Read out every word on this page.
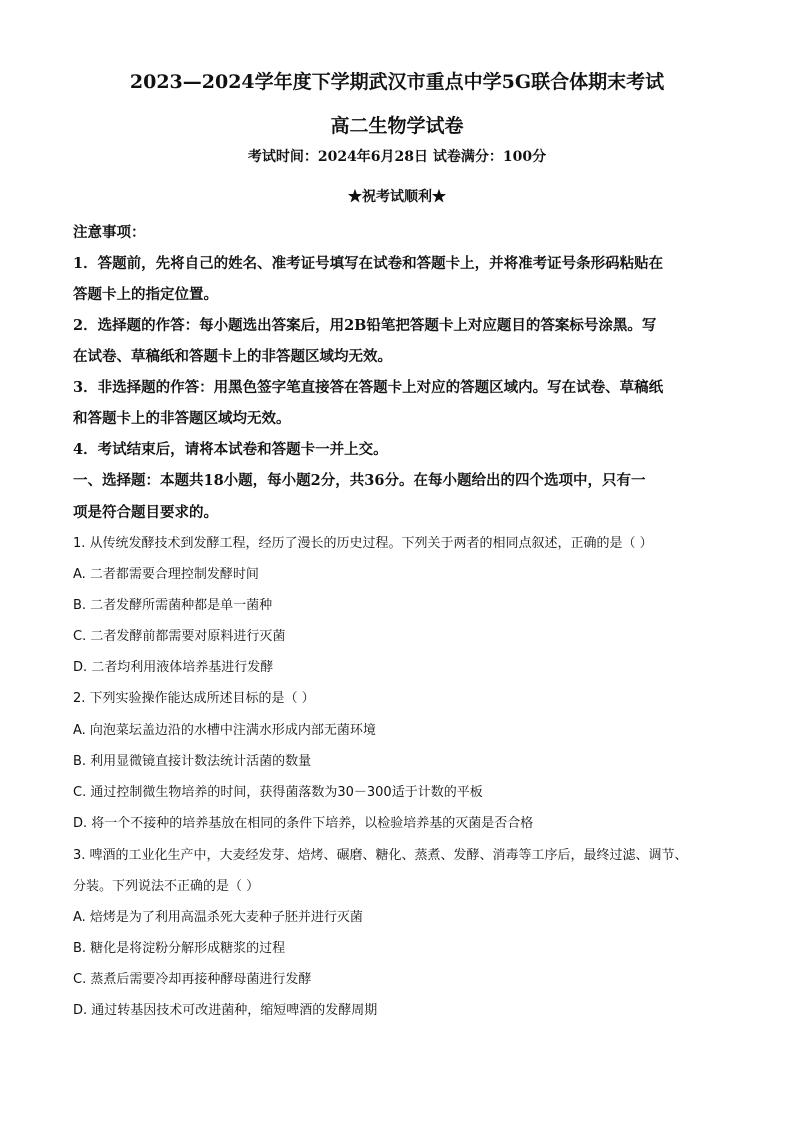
2023—2024学年度下学期武汉市重点中学5G联合体期末考试
高二生物学试卷
考试时间：2024年6月28日 试卷满分：100分
★祝考试顺利★
注意事项：
1．答题前，先将自己的姓名、准考证号填写在试卷和答题卡上，并将准考证号条形码粘贴在
答题卡上的指定位置。
2．选择题的作答：每小题选出答案后，用2B铅笔把答题卡上对应题目的答案标号涂黑。写
在试卷、草稿纸和答题卡上的非答题区域均无效。
3．非选择题的作答：用黑色签字笔直接答在答题卡上对应的答题区域内。写在试卷、草稿纸
和答题卡上的非答题区域均无效。
4．考试结束后，请将本试卷和答题卡一并上交。
一、选择题：本题共18小题，每小题2分，共36分。在每小题给出的四个选项中，只有一
项是符合题目要求的。
1. 从传统发酵技术到发酵工程，经历了漫长的历史过程。下列关于两者的相同点叙述，正确的是（ ）
A. 二者都需要合理控制发酵时间
B. 二者发酵所需菌种都是单一菌种
C. 二者发酵前都需要对原料进行灭菌
D. 二者均利用液体培养基进行发酵
2. 下列实验操作能达成所述目标的是（ ）
A. 向泡菜坛盖边沿的水槽中注满水形成内部无菌环境
B. 利用显微镜直接计数法统计活菌的数量
C. 通过控制微生物培养的时间，获得菌落数为30－300适于计数的平板
D. 将一个不接种的培养基放在相同的条件下培养，以检验培养基的灭菌是否合格
3. 啤酒的工业化生产中，大麦经发芽、焙烤、碾磨、糖化、蒸煮、发酵、消毒等工序后，最终过滤、调节、
分装。下列说法不正确的是（ ）
A. 焙烤是为了利用高温杀死大麦种子胚并进行灭菌
B. 糖化是将淀粉分解形成糖浆的过程
C. 蒸煮后需要冷却再接种酵母菌进行发酵
D. 通过转基因技术可改进菌种，缩短啤酒的发酵周期
